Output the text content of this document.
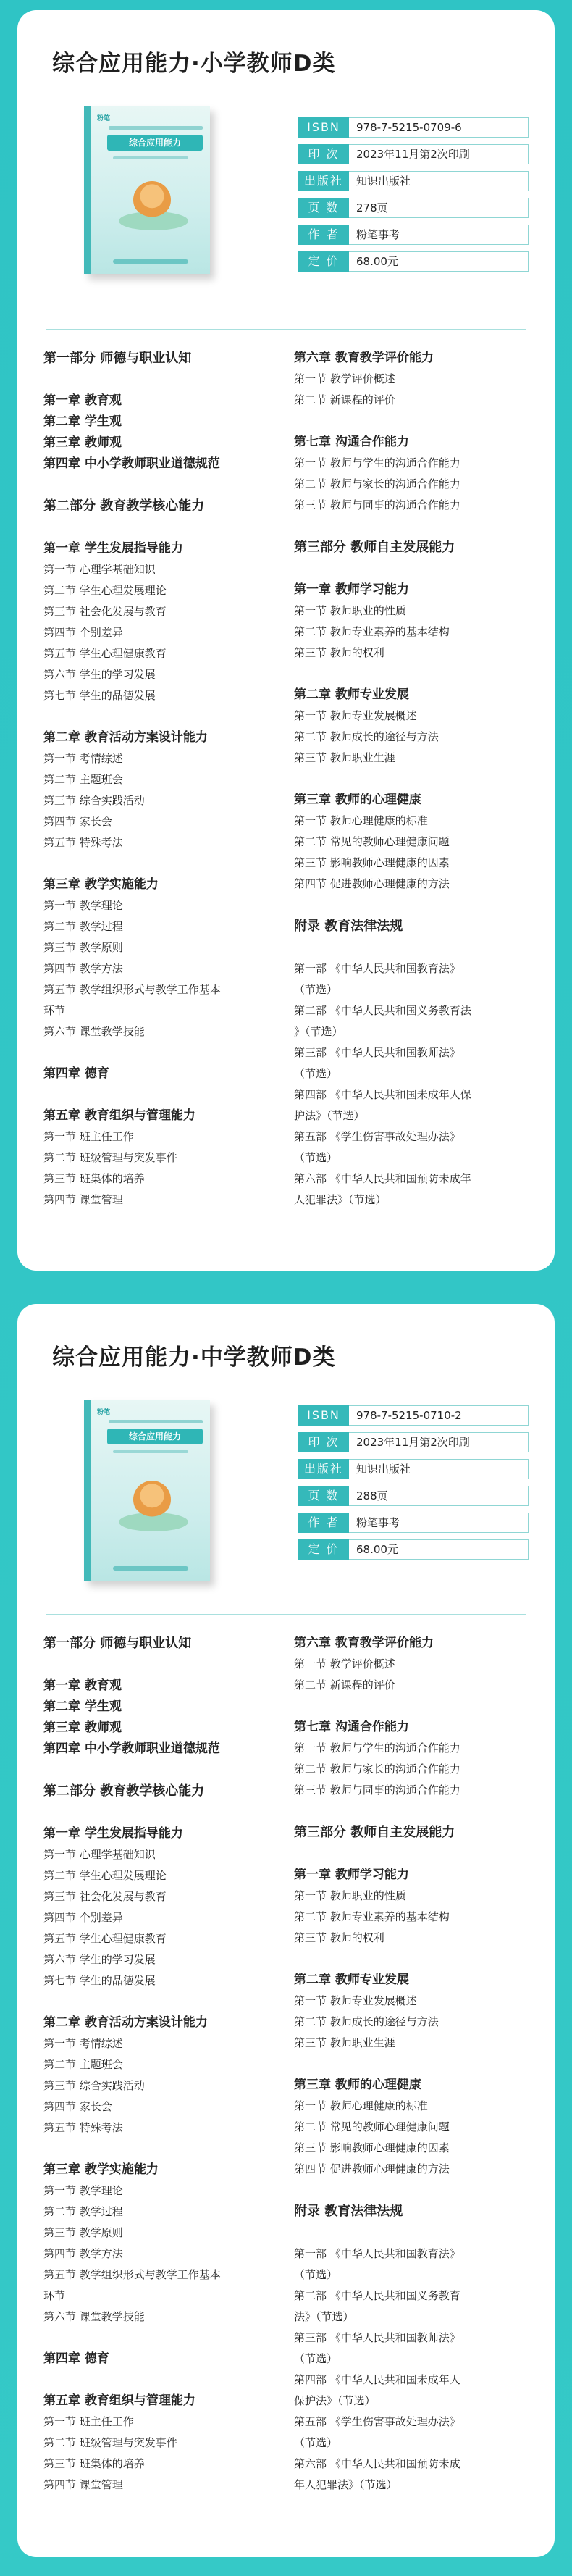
综合应用能力·小学教师D类
粉笔
综合应用能力
ISBN	978-7-5215-0709-6
印 次	2023年11月第2次印刷
出版社	知识出版社
页 数	278页
作 者	粉笔事考
定 价	68.00元
第一部分 师德与职业认知
第一章 教育观
第二章 学生观
第三章 教师观
第四章 中小学教师职业道德规范
第二部分 教育教学核心能力
第一章 学生发展指导能力
第一节 心理学基础知识
第二节 学生心理发展理论
第三节 社会化发展与教育
第四节 个别差异
第五节 学生心理健康教育
第六节 学生的学习发展
第七节 学生的品德发展
第二章 教育活动方案设计能力
第一节 考情综述
第二节 主题班会
第三节 综合实践活动
第四节 家长会
第五节 特殊考法
第三章 教学实施能力
第一节 教学理论
第二节 教学过程
第三节 教学原则
第四节 教学方法
第五节 教学组织形式与教学工作基本
环节
第六节 课堂教学技能
第四章 德育
第五章 教育组织与管理能力
第一节 班主任工作
第二节 班级管理与突发事件
第三节 班集体的培养
第四节 课堂管理
第六章 教育教学评价能力
第一节 教学评价概述
第二节 新课程的评价
第七章 沟通合作能力
第一节 教师与学生的沟通合作能力
第二节 教师与家长的沟通合作能力
第三节 教师与同事的沟通合作能力
第三部分 教师自主发展能力
第一章 教师学习能力
第一节 教师职业的性质
第二节 教师专业素养的基本结构
第三节 教师的权利
第二章 教师专业发展
第一节 教师专业发展概述
第二节 教师成长的途径与方法
第三节 教师职业生涯
第三章 教师的心理健康
第一节 教师心理健康的标准
第二节 常见的教师心理健康问题
第三节 影响教师心理健康的因素
第四节 促进教师心理健康的方法
附录 教育法律法规
第一部 《中华人民共和国教育法》
（节选）
第二部 《中华人民共和国义务教育法
》（节选）
第三部 《中华人民共和国教师法》
（节选）
第四部 《中华人民共和国未成年人保
护法》（节选）
第五部 《学生伤害事故处理办法》
（节选）
第六部 《中华人民共和国预防未成年
人犯罪法》（节选）
综合应用能力·中学教师D类
粉笔
综合应用能力
ISBN	978-7-5215-0710-2
印 次	2023年11月第2次印刷
出版社	知识出版社
页 数	288页
作 者	粉笔事考
定 价	68.00元
第一部分 师德与职业认知
第一章 教育观
第二章 学生观
第三章 教师观
第四章 中小学教师职业道德规范
第二部分 教育教学核心能力
第一章 学生发展指导能力
第一节 心理学基础知识
第二节 学生心理发展理论
第三节 社会化发展与教育
第四节 个别差异
第五节 学生心理健康教育
第六节 学生的学习发展
第七节 学生的品德发展
第二章 教育活动方案设计能力
第一节 考情综述
第二节 主题班会
第三节 综合实践活动
第四节 家长会
第五节 特殊考法
第三章 教学实施能力
第一节 教学理论
第二节 教学过程
第三节 教学原则
第四节 教学方法
第五节 教学组织形式与教学工作基本
环节
第六节 课堂教学技能
第四章 德育
第五章 教育组织与管理能力
第一节 班主任工作
第二节 班级管理与突发事件
第三节 班集体的培养
第四节 课堂管理
第六章 教育教学评价能力
第一节 教学评价概述
第二节 新课程的评价
第七章 沟通合作能力
第一节 教师与学生的沟通合作能力
第二节 教师与家长的沟通合作能力
第三节 教师与同事的沟通合作能力
第三部分 教师自主发展能力
第一章 教师学习能力
第一节 教师职业的性质
第二节 教师专业素养的基本结构
第三节 教师的权利
第二章 教师专业发展
第一节 教师专业发展概述
第二节 教师成长的途径与方法
第三节 教师职业生涯
第三章 教师的心理健康
第一节 教师心理健康的标准
第二节 常见的教师心理健康问题
第三节 影响教师心理健康的因素
第四节 促进教师心理健康的方法
附录 教育法律法规
第一部 《中华人民共和国教育法》
（节选）
第二部 《中华人民共和国义务教育
法》（节选）
第三部 《中华人民共和国教师法》
（节选）
第四部 《中华人民共和国未成年人
保护法》（节选）
第五部 《学生伤害事故处理办法》
（节选）
第六部 《中华人民共和国预防未成
年人犯罪法》（节选）
